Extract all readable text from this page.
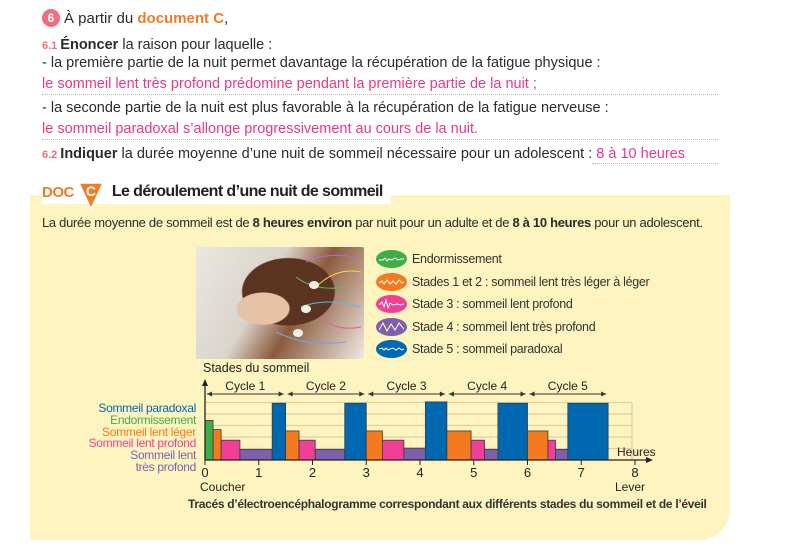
6 À partir du document C,
6.1 Énoncer la raison pour laquelle :
- la première partie de la nuit permet davantage la récupération de la fatigue physique :
le sommeil lent très profond prédomine pendant la première partie de la nuit ;
- la seconde partie de la nuit est plus favorable à la récupération de la fatigue nerveuse :
le sommeil paradoxal s’allonge progressivement au cours de la nuit.
6.2 Indiquer la durée moyenne d’une nuit de sommeil nécessaire pour un adolescent : 8 à 10 heures
DOC C Le déroulement d’une nuit de sommeil
La durée moyenne de sommeil est de 8 heures environ par nuit pour un adulte et de 8 à 10 heures pour un adolescent.
Endormissement
Stades 1 et 2 : sommeil lent très léger à léger
Stade 3 : sommeil lent profond
Stade 4 : sommeil lent très profond
Stade 5 : sommeil paradoxal
0
Coucher
1	2	3	4	5	6	7	8
Lever
Heures
Stades du sommeil
Cycle 1	Cycle 2	Cycle 3	Cycle 4	Cycle 5
Sommeil paradoxal
Endormissement
Sommeil lent léger
Sommeil lent profond
Sommeil lent
très profond
Tracés d’électroencéphalogramme correspondant aux différents stades du sommeil et de l’éveil
